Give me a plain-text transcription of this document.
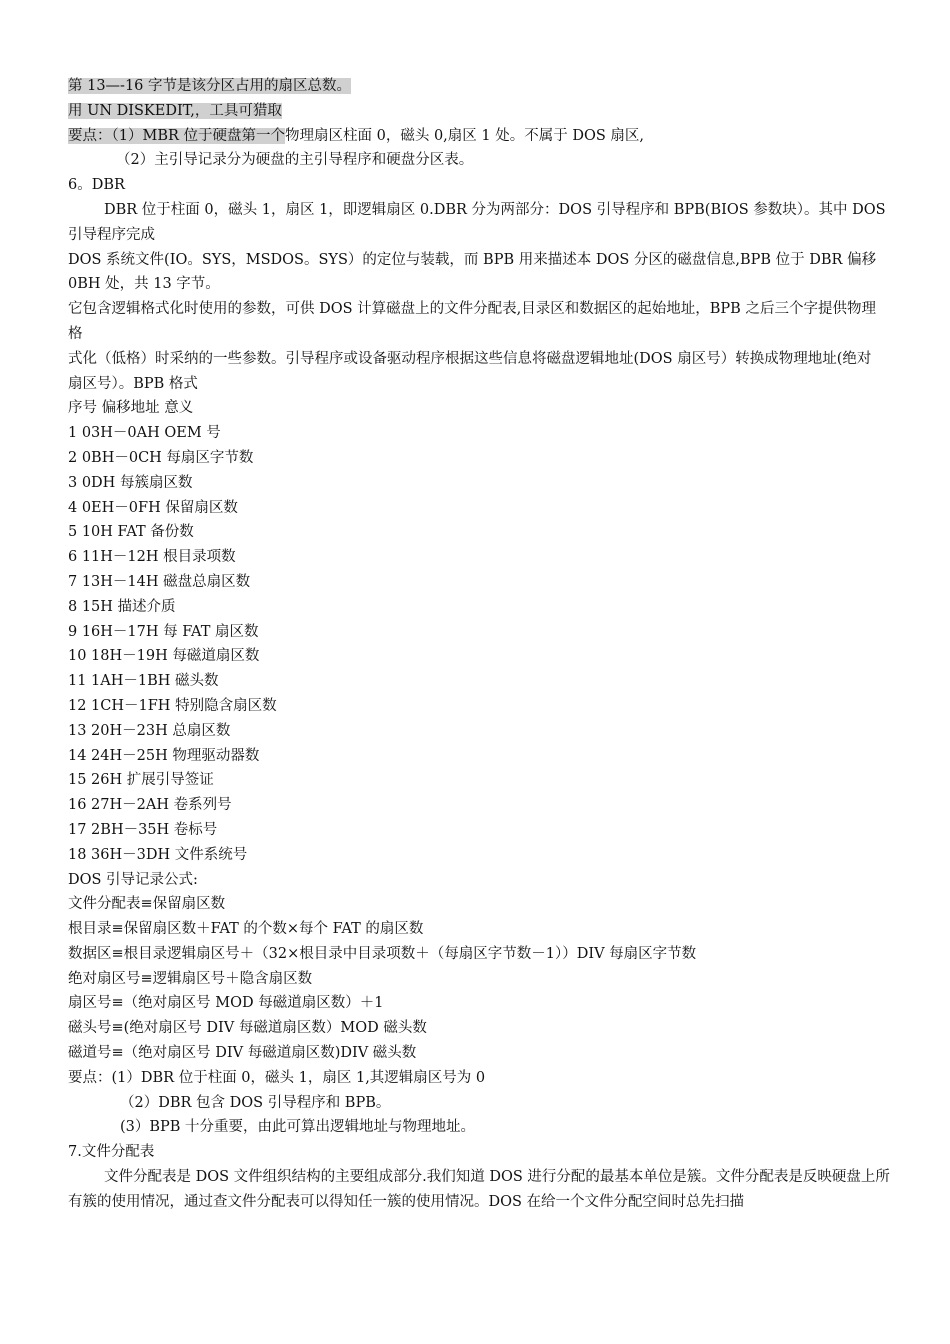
第 13—-16 字节是该分区占用的扇区总数。
用 UN DISKEDIT,，工具可猎取
要点：（1）MBR 位于硬盘第一个物理扇区柱面 0，磁头 0,扇区 1 处。不属于 DOS 扇区,
（2）主引导记录分为硬盘的主引导程序和硬盘分区表。
6。DBR
DBR 位于柱面 0，磁头 1，扇区 1，即逻辑扇区 0.DBR 分为两部分：DOS 引导程序和 BPB(BIOS 参数块）。其中 DOS 引导程序完成
DOS 系统文件(IO。SYS，MSDOS。SYS）的定位与装载，而 BPB 用来描述本 DOS 分区的磁盘信息,BPB 位于 DBR 偏移 0BH 处，共 13 字节。
它包含逻辑格式化时使用的参数，可供 DOS 计算磁盘上的文件分配表,目录区和数据区的起始地址，BPB 之后三个字提供物理格
式化（低格）时采纳的一些参数。引导程序或设备驱动程序根据这些信息将磁盘逻辑地址(DOS 扇区号）转换成物理地址(绝对
扇区号）。BPB 格式
序号 偏移地址 意义
1 03H－0AH OEM 号
2 0BH－0CH 每扇区字节数
3 0DH 每簇扇区数
4 0EH－0FH 保留扇区数
5 10H FAT 备份数
6 11H－12H 根目录项数
7 13H－14H 磁盘总扇区数
8 15H 描述介质
9 16H－17H 每 FAT 扇区数
10 18H－19H 每磁道扇区数
11 1AH－1BH 磁头数
12 1CH－1FH 特别隐含扇区数
13 20H－23H 总扇区数
14 24H－25H 物理驱动器数
15 26H 扩展引导签证
16 27H－2AH 卷系列号
17 2BH－35H 卷标号
18 36H－3DH 文件系统号
DOS 引导记录公式:
文件分配表≡保留扇区数
根目录≡保留扇区数＋FAT 的个数×每个 FAT 的扇区数
数据区≡根目录逻辑扇区号＋（32×根目录中目录项数＋（每扇区字节数－1））DIV 每扇区字节数
绝对扇区号≡逻辑扇区号＋隐含扇区数
扇区号≡（绝对扇区号 MOD 每磁道扇区数）＋1
磁头号≡(绝对扇区号 DIV 每磁道扇区数）MOD 磁头数
磁道号≡（绝对扇区号 DIV 每磁道扇区数)DIV 磁头数
要点：(1）DBR 位于柱面 0，磁头 1，扇区 1,其逻辑扇区号为 0
（2）DBR 包含 DOS 引导程序和 BPB。
(3）BPB 十分重要，由此可算出逻辑地址与物理地址。
7.文件分配表
文件分配表是 DOS 文件组织结构的主要组成部分.我们知道 DOS 进行分配的最基本单位是簇。文件分配表是反映硬盘上所
有簇的使用情况，通过查文件分配表可以得知任一簇的使用情况。DOS 在给一个文件分配空间时总先扫描
